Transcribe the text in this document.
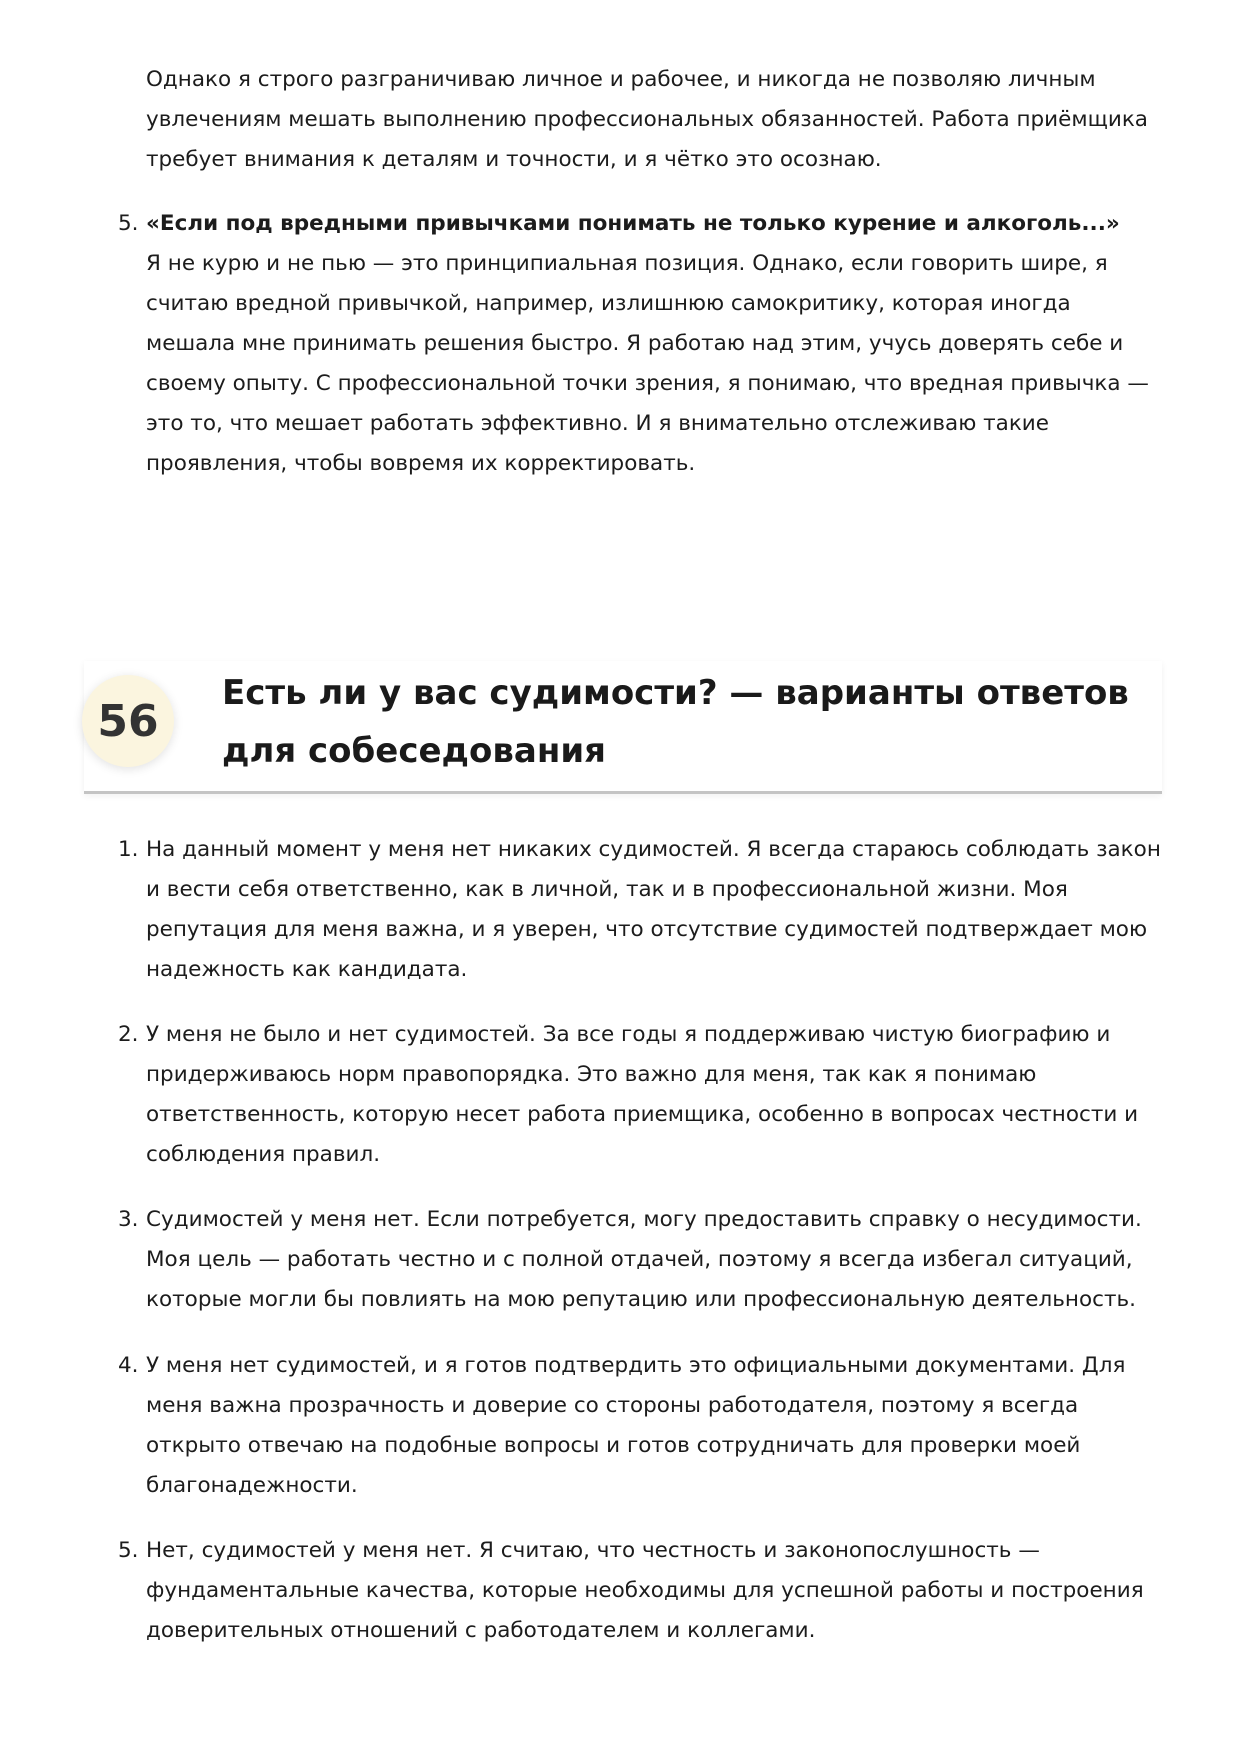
Однако я строго разграничиваю личное и рабочее, и никогда не позволяю личным увлечениям мешать выполнению профессиональных обязанностей. Работа приёмщика требует внимания к деталям и точности, и я чётко это осознаю.

5. «Если под вредными привычками понимать не только курение и алкоголь...»

Я не курю и не пью — это принципиальная позиция. Однако, если говорить шире, я считаю вредной привычкой, например, излишнюю самокритику, которая иногда мешала мне принимать решения быстро. Я работаю над этим, учусь доверять себе и своему опыту. С профессиональной точки зрения, я понимаю, что вредная привычка — это то, что мешает работать эффективно. И я внимательно отслеживаю такие проявления, чтобы вовремя их корректировать.

56
Есть ли у вас судимости? — варианты ответов для собеседования
1. На данный момент у меня нет никаких судимостей. Я всегда стараюсь соблюдать закон и вести себя ответственно, как в личной, так и в профессиональной жизни. Моя репутация для меня важна, и я уверен, что отсутствие судимостей подтверждает мою надежность как кандидата.

2. У меня не было и нет судимостей. За все годы я поддерживаю чистую биографию и придерживаюсь норм правопорядка. Это важно для меня, так как я понимаю ответственность, которую несет работа приемщика, особенно в вопросах честности и соблюдения правил.

3. Судимостей у меня нет. Если потребуется, могу предоставить справку о несудимости. Моя цель — работать честно и с полной отдачей, поэтому я всегда избегал ситуаций, которые могли бы повлиять на мою репутацию или профессиональную деятельность.

4. У меня нет судимостей, и я готов подтвердить это официальными документами. Для меня важна прозрачность и доверие со стороны работодателя, поэтому я всегда открыто отвечаю на подобные вопросы и готов сотрудничать для проверки моей благонадежности.

5. Нет, судимостей у меня нет. Я считаю, что честность и законопослушность — фундаментальные качества, которые необходимы для успешной работы и построения доверительных отношений с работодателем и коллегами.
